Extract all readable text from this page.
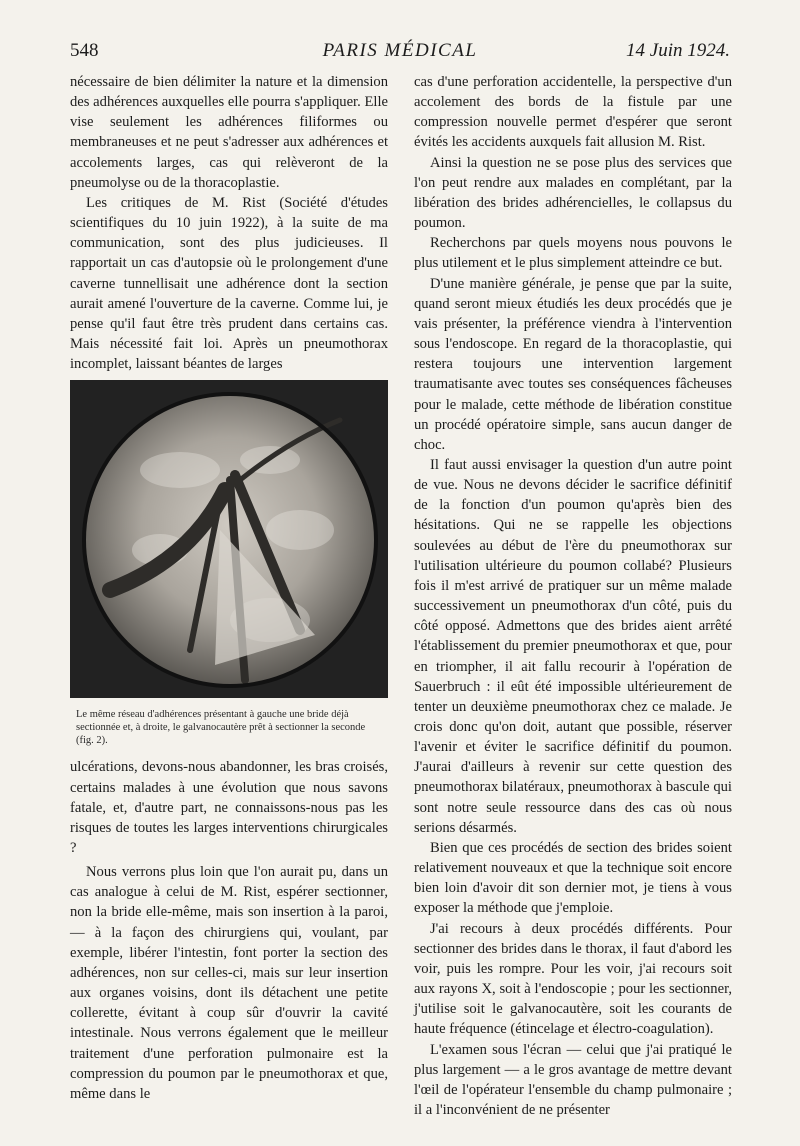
548	PARIS MÉDICAL	14 Juin 1924.

nécessaire de bien délimiter la nature et la dimension des adhérences auxquelles elle pourra s'appliquer. Elle vise seulement les adhérences filiformes ou membraneuses et ne peut s'adresser aux adhérences et accolements larges, cas qui relèveront de la pneumolyse ou de la thoracoplastie.

Les critiques de M. Rist (Société d'études scientifiques du 10 juin 1922), à la suite de ma communication, sont des plus judicieuses. Il rapportait un cas d'autopsie où le prolongement d'une caverne tunnellisait une adhérence dont la section aurait amené l'ouverture de la caverne. Comme lui, je pense qu'il faut être très prudent dans certains cas. Mais nécessité fait loi. Après un pneumothorax incomplet, laissant béantes de larges

Le même réseau d'adhérences présentant à gauche une bride déjà sectionnée et, à droite, le galvanocautère prêt à sectionner la seconde (fig. 2).

ulcérations, devons-nous abandonner, les bras croisés, certains malades à une évolution que nous savons fatale, et, d'autre part, ne connaissons-nous pas les risques de toutes les larges interventions chirurgicales ?

Nous verrons plus loin que l'on aurait pu, dans un cas analogue à celui de M. Rist, espérer sectionner, non la bride elle-même, mais son insertion à la paroi, — à la façon des chirurgiens qui, voulant, par exemple, libérer l'intestin, font porter la section des adhérences, non sur celles-ci, mais sur leur insertion aux organes voisins, dont ils détachent une petite collerette, évitant à coup sûr d'ouvrir la cavité intestinale. Nous verrons également que le meilleur traitement d'une perforation pulmonaire est la compression du poumon par le pneumothorax et que, même dans le

cas d'une perforation accidentelle, la perspective d'un accolement des bords de la fistule par une compression nouvelle permet d'espérer que seront évités les accidents auxquels fait allusion M. Rist.

Ainsi la question ne se pose plus des services que l'on peut rendre aux malades en complétant, par la libération des brides adhérencielles, le collapsus du poumon.

Recherchons par quels moyens nous pouvons le plus utilement et le plus simplement atteindre ce but.

D'une manière générale, je pense que par la suite, quand seront mieux étudiés les deux procédés que je vais présenter, la préférence viendra à l'intervention sous l'endoscope. En regard de la thoracoplastie, qui restera toujours une intervention largement traumatisante avec toutes ses conséquences fâcheuses pour le malade, cette méthode de libération constitue un procédé opératoire simple, sans aucun danger de choc.

Il faut aussi envisager la question d'un autre point de vue. Nous ne devons décider le sacrifice définitif de la fonction d'un poumon qu'après bien des hésitations. Qui ne se rappelle les objections soulevées au début de l'ère du pneumothorax sur l'utilisation ultérieure du poumon collabé? Plusieurs fois il m'est arrivé de pratiquer sur un même malade successivement un pneumothorax d'un côté, puis du côté opposé. Admettons que des brides aient arrêté l'établissement du premier pneumothorax et que, pour en triompher, il ait fallu recourir à l'opération de Sauerbruch : il eût été impossible ultérieurement de tenter un deuxième pneumothorax chez ce malade. Je crois donc qu'on doit, autant que possible, réserver l'avenir et éviter le sacrifice définitif du poumon. J'aurai d'ailleurs à revenir sur cette question des pneumothorax bilatéraux, pneumothorax à bascule qui sont notre seule ressource dans des cas où nous serions désarmés.

Bien que ces procédés de section des brides soient relativement nouveaux et que la technique soit encore bien loin d'avoir dit son dernier mot, je tiens à vous exposer la méthode que j'emploie.

J'ai recours à deux procédés différents. Pour sectionner des brides dans le thorax, il faut d'abord les voir, puis les rompre. Pour les voir, j'ai recours soit aux rayons X, soit à l'endoscopie ; pour les sectionner, j'utilise soit le galvanocautère, soit les courants de haute fréquence (étincelage et électro-coagulation).

L'examen sous l'écran — celui que j'ai pratiqué le plus largement — a le gros avantage de mettre devant l'œil de l'opérateur l'ensemble du champ pulmonaire ; il a l'inconvénient de ne présenter
